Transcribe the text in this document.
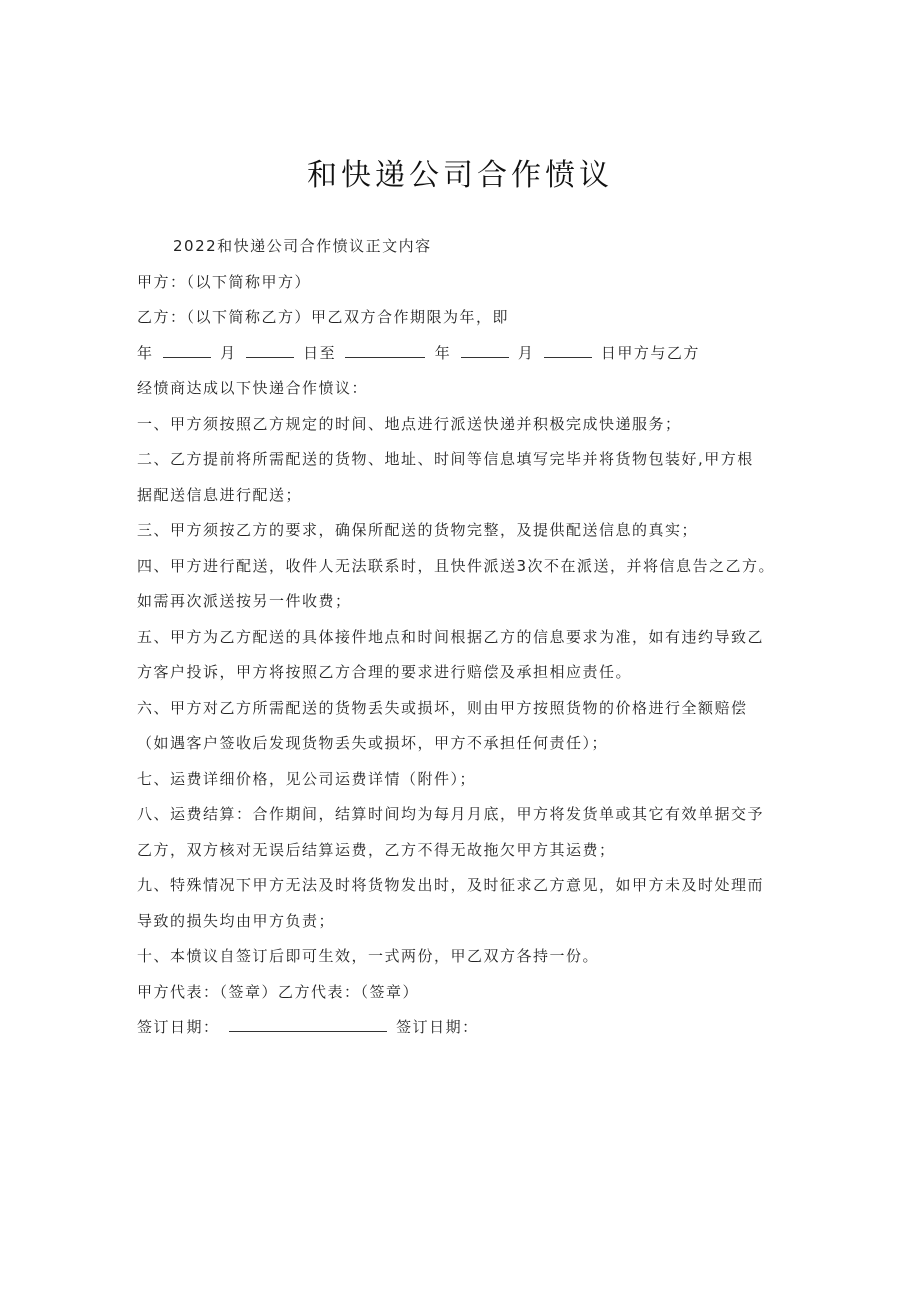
和快递公司合作愤议
2022和快递公司合作愤议正文内容
甲方：（以下简称甲方）
乙方：（以下简称乙方）甲乙双方合作期限为年，即
年	月	日至	年	月	日甲方与乙方
经愤商达成以下快递合作愤议：
一、甲方须按照乙方规定的时间、地点进行派送快递并积极完成快递服务；
二、乙方提前将所需配送的货物、地址、时间等信息填写完毕并将货物包装好,甲方根
据配送信息进行配送；
三、甲方须按乙方的要求，确保所配送的货物完整，及提供配送信息的真实；
四、甲方进行配送，收件人无法联系时，且快件派送3次不在派送，并将信息告之乙方。
如需再次派送按另一件收费；
五、甲方为乙方配送的具体接件地点和时间根据乙方的信息要求为准，如有违约导致乙
方客户投诉，甲方将按照乙方合理的要求进行赔偿及承担相应责任。
六、甲方对乙方所需配送的货物丢失或损坏，则由甲方按照货物的价格进行全额赔偿
（如遇客户签收后发现货物丢失或损坏，甲方不承担任何责任）；
七、运费详细价格，见公司运费详情（附件）；
八、运费结算：合作期间，结算时间均为每月月底，甲方将发货单或其它有效单据交予
乙方，双方核对无误后结算运费，乙方不得无故拖欠甲方其运费；
九、特殊情况下甲方无法及时将货物发出时，及时征求乙方意见，如甲方未及时处理而
导致的损失均由甲方负责；
十、本愤议自签订后即可生效，一式两份，甲乙双方各持一份。
甲方代表：（签章）乙方代表：（签章）
签订日期：	签订日期：
